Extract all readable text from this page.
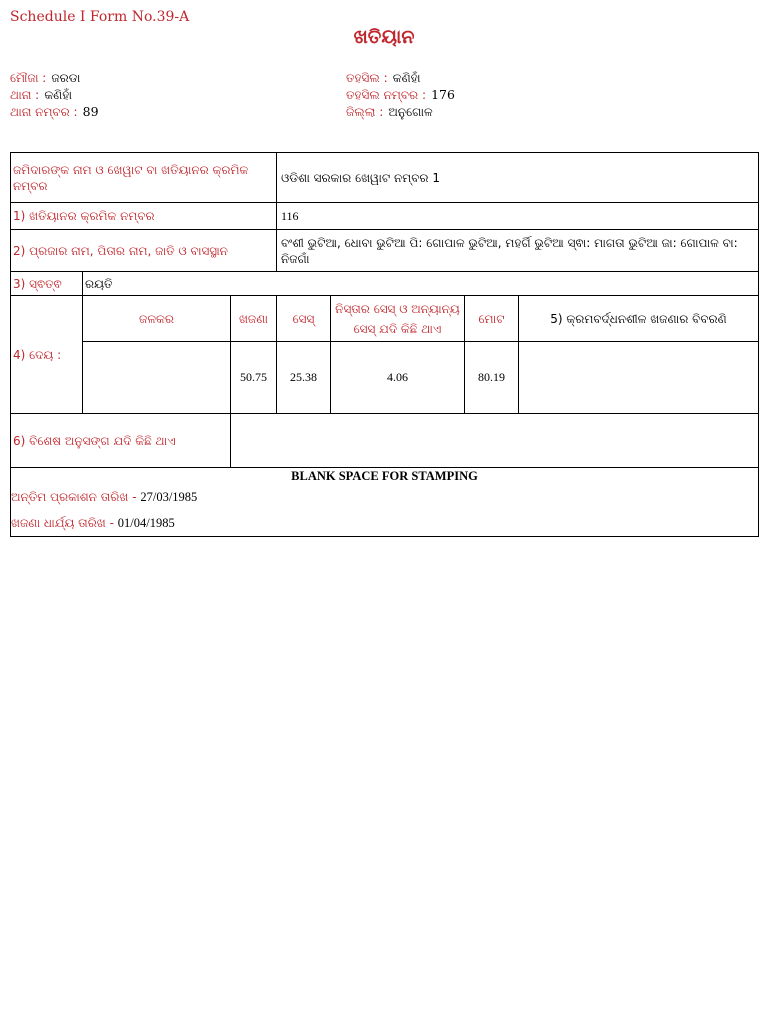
Schedule I Form No.39-A
ଖତିୟାନ
ମୌଜା : ଜରଡା
ଥାନା : କଣିହାଁ
ଥାନା ନମ୍ବର : 89
ତହସିଲ : କଣିହାଁ
ତହସିଲ ନମ୍ବର : 176
ଜିଲ୍ଲା : ଅନୁଗୋଳ
ଜମିଦାରଙ୍କ ନାମ ଓ ଖେୱାଟ ବା ଖତିୟାନର କ୍ରମିକ ନମ୍ବର			ଓଡିଶା ସରକାର ଖେୱାଟ ନମ୍ବର 1			
1) ଖତିୟାନର କ୍ରମିକ ନମ୍ବର			116			
2) ପ୍ରଜାର ନାମ, ପିତାର ନାମ, ଜାତି ଓ ବାସସ୍ଥାନ			ବଂଶୀ ଭୁଟିଆ, ଧୋବା ଭୁଟିଆ ପି: ଗୋପାଳ ଭୁଟିଆ, ମହର୍ଗି ଭୁଟିଆ ସ୍ଵା: ମାଗତା ଭୁଟିଆ ଜା: ଗୋପାଳ ବା: ନିଜଗାଁ			
3) ସ୍ଵତ୍ଵ	ରୟତି					
4) ଦେୟ :	ଜଳକର	ଖଜଣା	ସେସ୍	ନିସ୍ତାର ସେସ୍ ଓ ଅନ୍ୟାନ୍ୟ ସେସ୍ ଯଦି କିଛି ଥାଏ	ମୋଟ	5) କ୍ରମବର୍ଦ୍ଧନଶୀଳ ଖଜଣାର ବିବରଣି
		50.75	25.38	4.06	80.19	
6) ବିଶେଷ ଅନୁସଙ୍ଗ ଯଦି କିଛି ଥାଏ						

BLANK SPACE FOR STAMPING
ଅନ୍ତିମ ପ୍ରକାଶନ ତାରିଖ - 27/03/1985
ଖଜଣା ଧାର୍ଯ୍ୟ ତାରିଖ - 01/04/1985						
